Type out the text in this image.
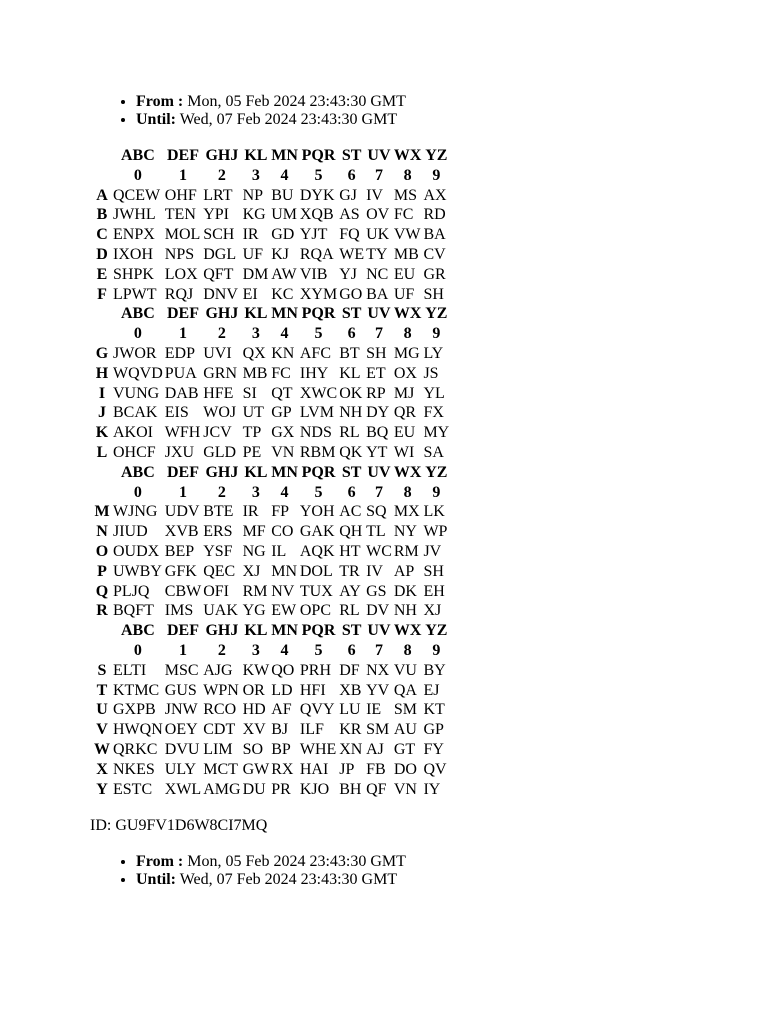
• From : Mon, 05 Feb 2024 23:43:30 GMT
• Until: Wed, 07 Feb 2024 23:43:30 GMT
	ABC	DEF	GHJ	KL	MN	PQR	ST	UV	WX	YZ
	0	1	2	3	4	5	6	7	8	9
A	QCEW	OHF	LRT	NP	BU	DYK	GJ	IV	MS	AX
B	JWHL	TEN	YPI	KG	UM	XQB	AS	OV	FC	RD
C	ENPX	MOL	SCH	IR	GD	YJT	FQ	UK	VW	BA
D	IXOH	NPS	DGL	UF	KJ	RQA	WE	TY	MB	CV
E	SHPK	LOX	QFT	DM	AW	VIB	YJ	NC	EU	GR
F	LPWT	RQJ	DNV	EI	KC	XYM	GO	BA	UF	SH
	ABC	DEF	GHJ	KL	MN	PQR	ST	UV	WX	YZ
	0	1	2	3	4	5	6	7	8	9
G	JWOR	EDP	UVI	QX	KN	AFC	BT	SH	MG	LY
H	WQVD	PUA	GRN	MB	FC	IHY	KL	ET	OX	JS
I	VUNG	DAB	HFE	SI	QT	XWC	OK	RP	MJ	YL
J	BCAK	EIS	WOJ	UT	GP	LVM	NH	DY	QR	FX
K	AKOI	WFH	JCV	TP	GX	NDS	RL	BQ	EU	MY
L	OHCF	JXU	GLD	PE	VN	RBM	QK	YT	WI	SA
	ABC	DEF	GHJ	KL	MN	PQR	ST	UV	WX	YZ
	0	1	2	3	4	5	6	7	8	9
M	WJNG	UDV	BTE	IR	FP	YOH	AC	SQ	MX	LK
N	JIUD	XVB	ERS	MF	CO	GAK	QH	TL	NY	WP
O	OUDX	BEP	YSF	NG	IL	AQK	HT	WC	RM	JV
P	UWBY	GFK	QEC	XJ	MN	DOL	TR	IV	AP	SH
Q	PLJQ	CBW	OFI	RM	NV	TUX	AY	GS	DK	EH
R	BQFT	IMS	UAK	YG	EW	OPC	RL	DV	NH	XJ
	ABC	DEF	GHJ	KL	MN	PQR	ST	UV	WX	YZ
	0	1	2	3	4	5	6	7	8	9
S	ELTI	MSC	AJG	KW	QO	PRH	DF	NX	VU	BY
T	KTMC	GUS	WPN	OR	LD	HFI	XB	YV	QA	EJ
U	GXPB	JNW	RCO	HD	AF	QVY	LU	IE	SM	KT
V	HWQN	OEY	CDT	XV	BJ	ILF	KR	SM	AU	GP
W	QRKC	DVU	LIM	SO	BP	WHE	XN	AJ	GT	FY
X	NKES	ULY	MCT	GW	RX	HAI	JP	FB	DO	QV
Y	ESTC	XWL	AMG	DU	PR	KJO	BH	QF	VN	IY
ID: GU9FV1D6W8CI7MQ
• From : Mon, 05 Feb 2024 23:43:30 GMT
• Until: Wed, 07 Feb 2024 23:43:30 GMT
